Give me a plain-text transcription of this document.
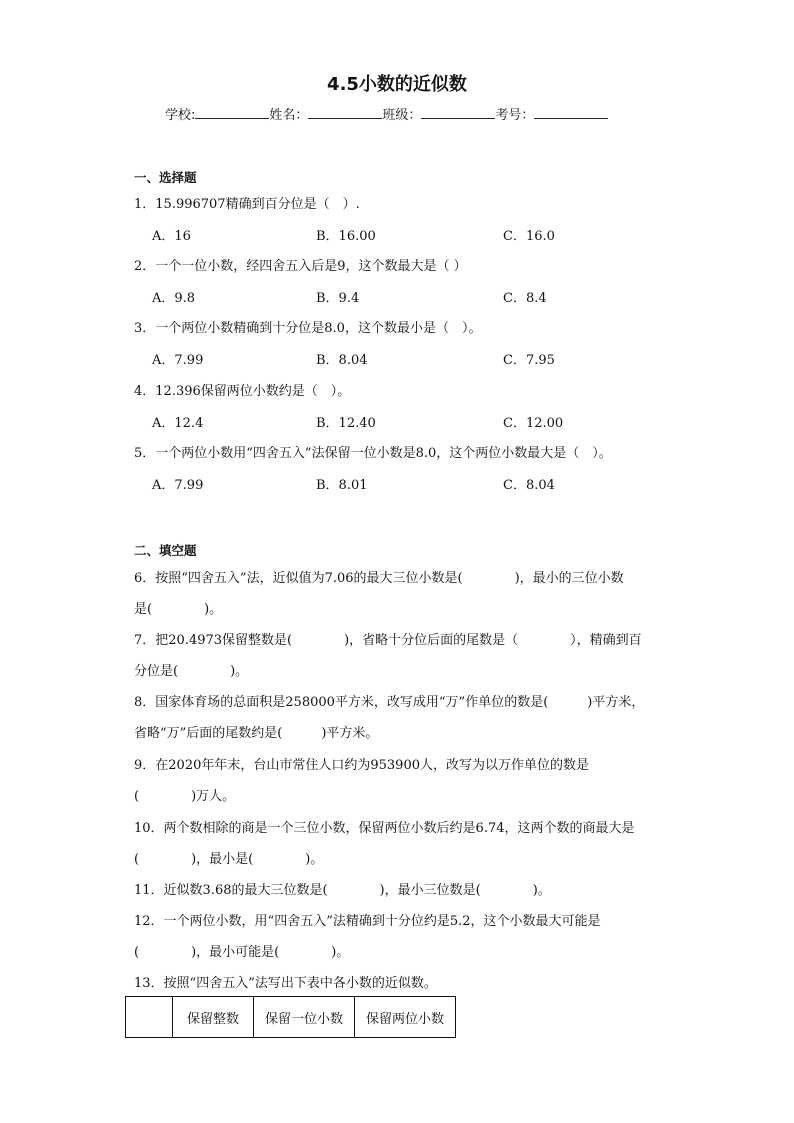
4.5小数的近似数
学校:	姓名：	班级：	考号：
一、选择题
1．15.996707精确到百分位是（　）.
A．16	B．16.00	C．16.0
2．一个一位小数，经四舍五入后是9，这个数最大是（ ）
A．9.8	B．9.4	C．8.4
3．一个两位小数精确到十分位是8.0，这个数最小是（　）。
A．7.99	B．8.04	C．7.95
4．12.396保留两位小数约是（　）。
A．12.4	B．12.40	C．12.00
5．一个两位小数用“四舍五入”法保留一位小数是8.0，这个两位小数最大是（　）。
A．7.99	B．8.01	C．8.04
二、填空题
6．按照“四舍五入”法，近似值为7.06的最大三位小数是(　　　　)，最小的三位小数
是(　　　　)。
7．把20.4973保留整数是(　　　　)，省略十分位后面的尾数是（　　　　），精确到百
分位是(　　　　)。
8．国家体育场的总面积是258000平方米，改写成用“万”作单位的数是(　　　)平方米，
省略“万”后面的尾数约是(　　　)平方米。
9．在2020年年末，台山市常住人口约为953900人，改写为以万作单位的数是
(　　　　)万人。
10．两个数相除的商是一个三位小数，保留两位小数后约是6.74，这两个数的商最大是
(　　　　)，最小是(　　　　)。
11．近似数3.68的最大三位数是(　　　　)，最小三位数是(　　　　)。
12．一个两位小数，用“四舍五入”法精确到十分位约是5.2，这个小数最大可能是
(　　　　)，最小可能是(　　　　)。
13．按照“四舍五入”法写出下表中各小数的近似数。
	保留整数	保留一位小数	保留两位小数
